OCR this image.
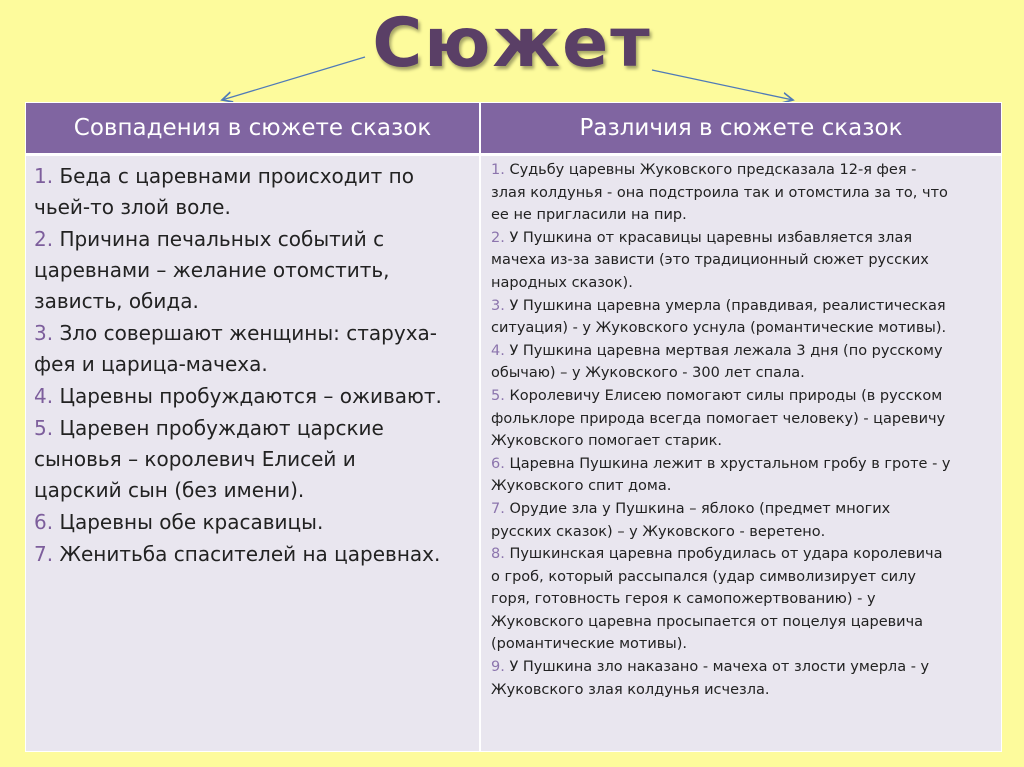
Сюжет
Совпадения в сюжете сказок	Различия в сюжете сказок
1. Беда с царевнами происходит по
чьей-то злой воле.
2. Причина печальных событий с
царевнами – желание отомстить,
зависть, обида.
3. Зло совершают женщины: старуха-
фея и царица-мачеха.
4. Царевны пробуждаются – оживают.
5. Царевен пробуждают царские
сыновья – королевич Елисей и
царский сын (без имени).
6. Царевны обе красавицы.
7. Женитьба спасителей на царевнах.
1. Судьбу царевны Жуковского предсказала 12-я фея -
злая колдунья - она подстроила так и отомстила за то, что
ее не пригласили на пир.
2. У Пушкина от красавицы царевны избавляется злая
мачеха из-за зависти (это традиционный сюжет русских
народных сказок).
3. У Пушкина царевна умерла (правдивая, реалистическая
ситуация) - у Жуковского уснула (романтические мотивы).
4. У Пушкина царевна мертвая лежала 3 дня (по русскому
обычаю) – у Жуковского - 300 лет спала.
5. Королевичу Елисею помогают силы природы (в русском
фольклоре природа всегда помогает человеку) - царевичу
Жуковского помогает старик.
6. Царевна Пушкина лежит в хрустальном гробу в гроте - у
Жуковского спит дома.
7. Орудие зла у Пушкина – яблоко (предмет многих
русских сказок) – у Жуковского - веретено.
8. Пушкинская царевна пробудилась от удара королевича
о гроб, который рассыпался (удар символизирует силу
горя, готовность героя к самопожертвованию) - у
Жуковского царевна просыпается от поцелуя царевича
(романтические мотивы).
9. У Пушкина зло наказано - мачеха от злости умерла - у
Жуковского злая колдунья исчезла.
